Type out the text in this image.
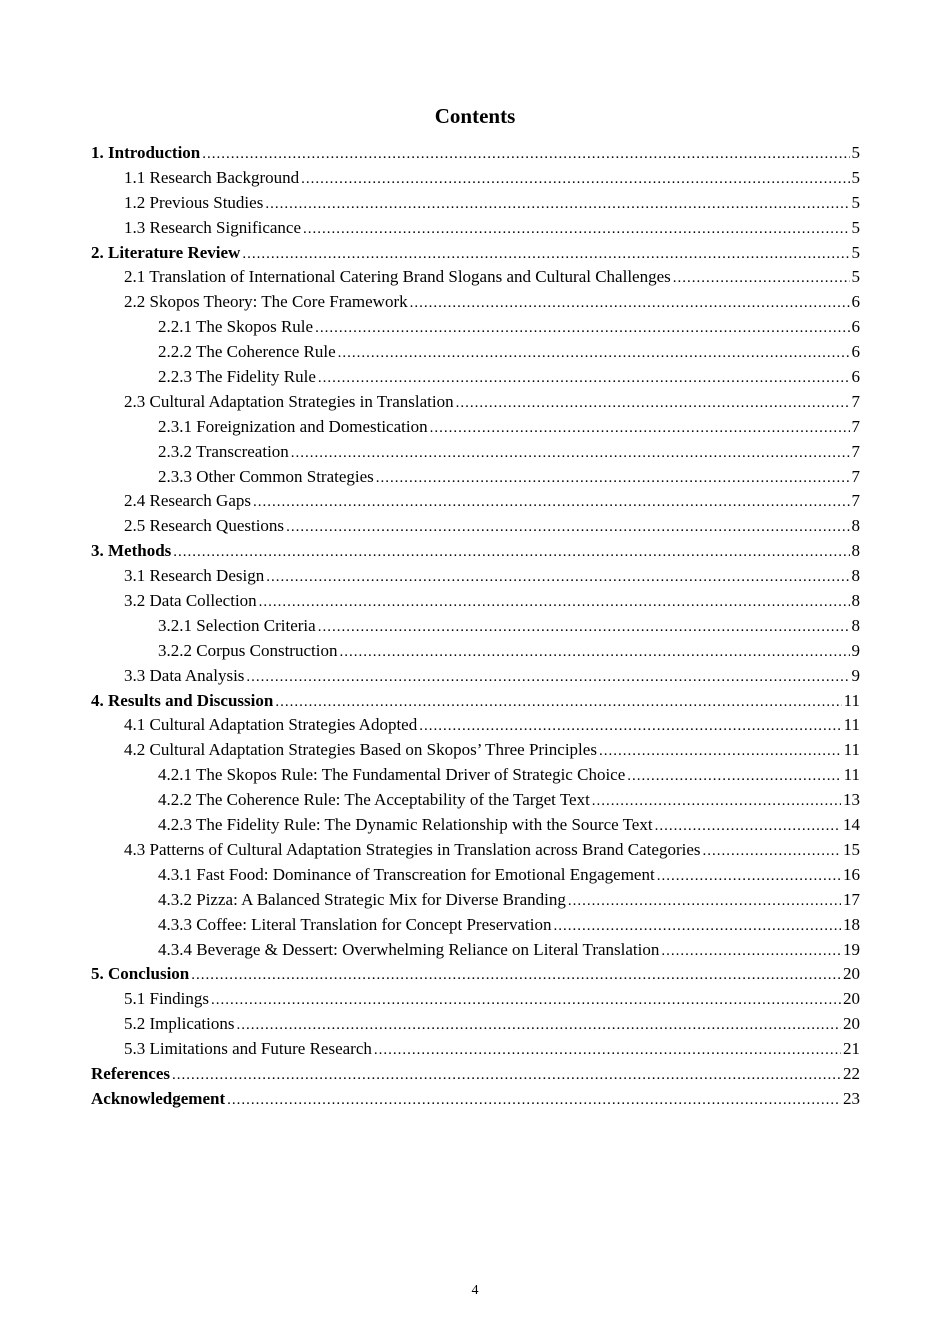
Contents
1. Introduction .....	5
1.1 Research Background .....	5
1.2 Previous Studies .....	5
1.3 Research Significance .....	5
2. Literature Review .....	5
2.1 Translation of International Catering Brand Slogans and Cultural Challenges .....	5
2.2 Skopos Theory: The Core Framework .....	6
2.2.1 The Skopos Rule .....	6
2.2.2 The Coherence Rule .....	6
2.2.3 The Fidelity Rule .....	6
2.3 Cultural Adaptation Strategies in Translation .....	7
2.3.1 Foreignization and Domestication .....	7
2.3.2 Transcreation .....	7
2.3.3 Other Common Strategies .....	7
2.4 Research Gaps .....	7
2.5 Research Questions .....	8
3. Methods .....	8
3.1 Research Design .....	8
3.2 Data Collection .....	8
3.2.1 Selection Criteria .....	8
3.2.2 Corpus Construction .....	9
3.3 Data Analysis .....	9
4. Results and Discussion .....	11
4.1 Cultural Adaptation Strategies Adopted .....	11
4.2 Cultural Adaptation Strategies Based on Skopos’ Three Principles .....	11
4.2.1 The Skopos Rule: The Fundamental Driver of Strategic Choice .....	11
4.2.2 The Coherence Rule: The Acceptability of the Target Text .....	13
4.2.3 The Fidelity Rule: The Dynamic Relationship with the Source Text .....	14
4.3 Patterns of Cultural Adaptation Strategies in Translation across Brand Categories .....	15
4.3.1 Fast Food: Dominance of Transcreation for Emotional Engagement .....	16
4.3.2 Pizza: A Balanced Strategic Mix for Diverse Branding .....	17
4.3.3 Coffee: Literal Translation for Concept Preservation .....	18
4.3.4 Beverage & Dessert: Overwhelming Reliance on Literal Translation .....	19
5. Conclusion .....	20
5.1 Findings .....	20
5.2 Implications .....	20
5.3 Limitations and Future Research .....	21
References .....	22
Acknowledgement .....	23
4
